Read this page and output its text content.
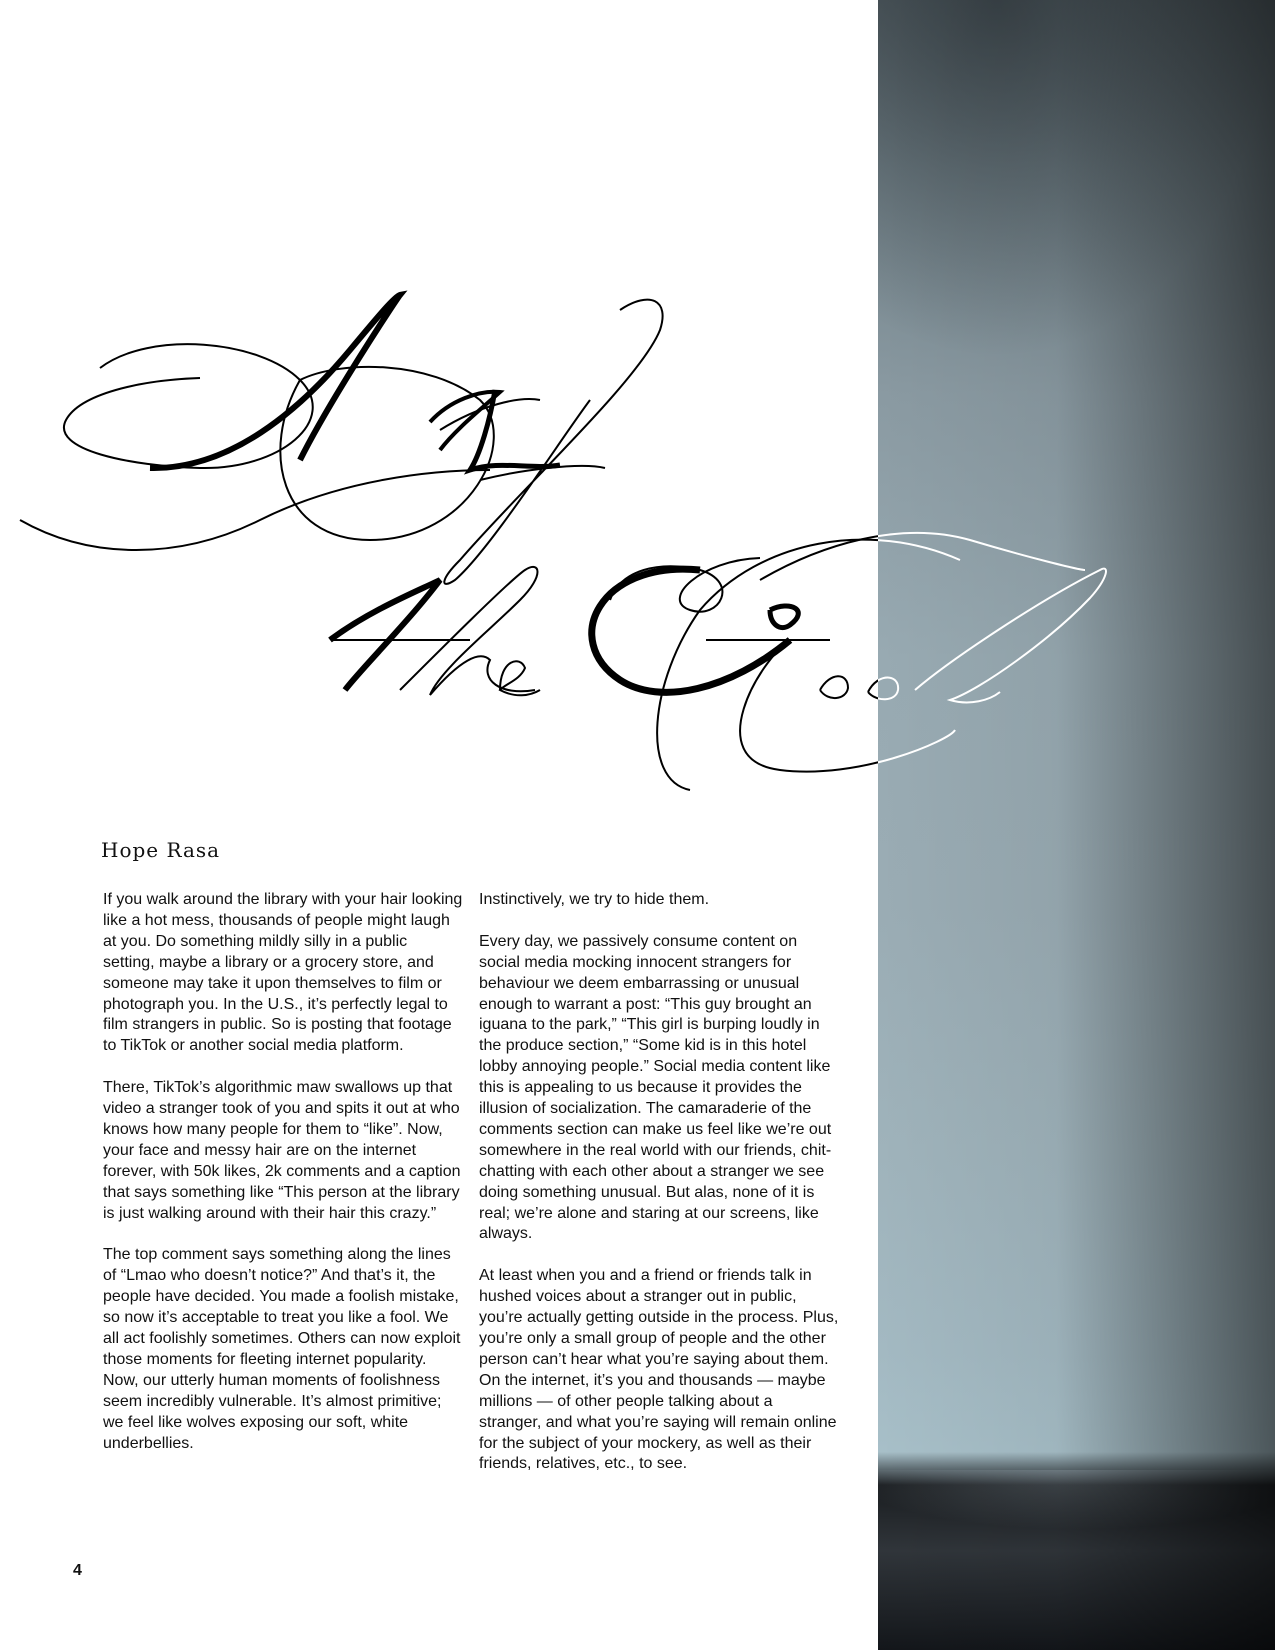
Hope Rasa

If you walk around the library with your hair looking like a hot mess, thousands of people might laugh at you. Do something mildly silly in a public setting, maybe a library or a grocery store, and someone may take it upon themselves to film or photograph you. In the U.S., it’s perfectly legal to film strangers in public. So is posting that footage to TikTok or another social media platform.

There, TikTok’s algorithmic maw swallows up that video a stranger took of you and spits it out at who knows how many people for them to “like”. Now, your face and messy hair are on the internet forever, with 50k likes, 2k comments and a caption that says something like “This person at the library is just walking around with their hair this crazy.”

The top comment says something along the lines of “Lmao who doesn’t notice?” And that’s it, the people have decided. You made a foolish mistake, so now it’s acceptable to treat you like a fool. We all act foolishly sometimes. Others can now exploit those moments for fleeting internet popularity. Now, our utterly human moments of foolishness seem incredibly vulnerable. It’s almost primitive; we feel like wolves exposing our soft, white underbellies.

Instinctively, we try to hide them.

Every day, we passively consume content on social media mocking innocent strangers for behaviour we deem embarrassing or unusual enough to warrant a post: “This guy brought an iguana to the park,” “This girl is burping loudly in the produce section,” “Some kid is in this hotel lobby annoying people.” Social media content like this is appealing to us because it provides the illusion of socialization. The camaraderie of the comments section can make us feel like we’re out somewhere in the real world with our friends, chit-chatting with each other about a stranger we see doing something unusual. But alas, none of it is real; we’re alone and staring at our screens, like always.

At least when you and a friend or friends talk in hushed voices about a stranger out in public, you’re actually getting outside in the process. Plus, you’re only a small group of people and the other person can’t hear what you’re saying about them. On the internet, it’s you and thousands — maybe millions — of other people talking about a stranger, and what you’re saying will remain online for the subject of your mockery, as well as their friends, relatives, etc., to see.

4
